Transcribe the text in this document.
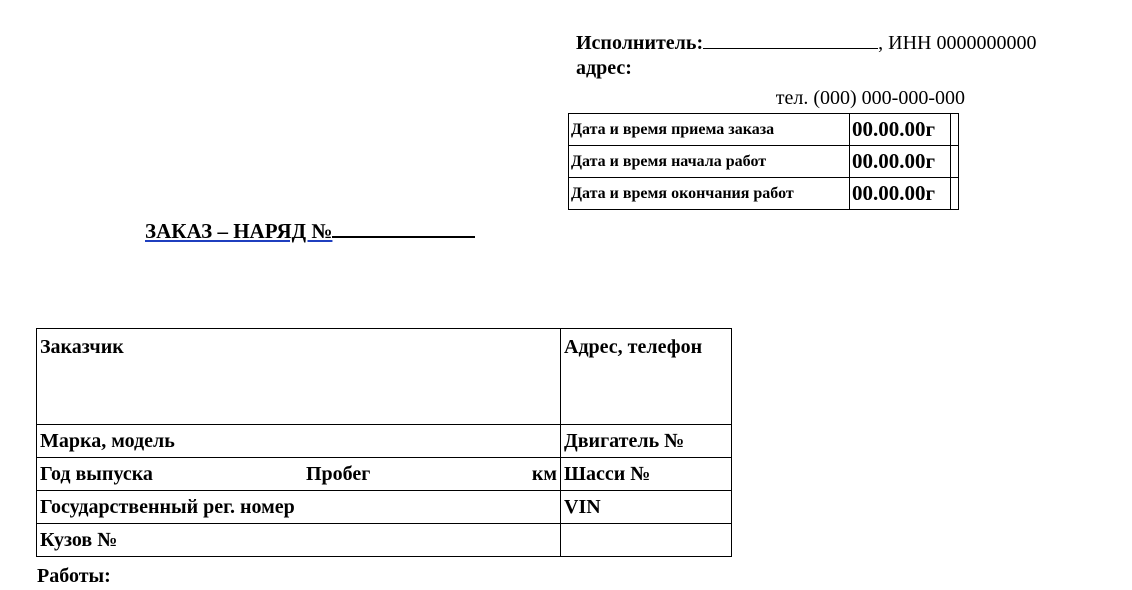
Исполнитель:	, ИНН 0000000000
адрес:
тел. (000) 000-000-000
Дата и время приема заказа	00.00.00г	
Дата и время начала работ	00.00.00г	
Дата и время окончания работ	00.00.00г	
ЗАКАЗ – НАРЯД №
Заказчик	Адрес, телефон
Марка, модель	Двигатель №

Год выпуска Пробег км	Шасси №
Государственный рег. номер	VIN
Кузов №	
Работы:
